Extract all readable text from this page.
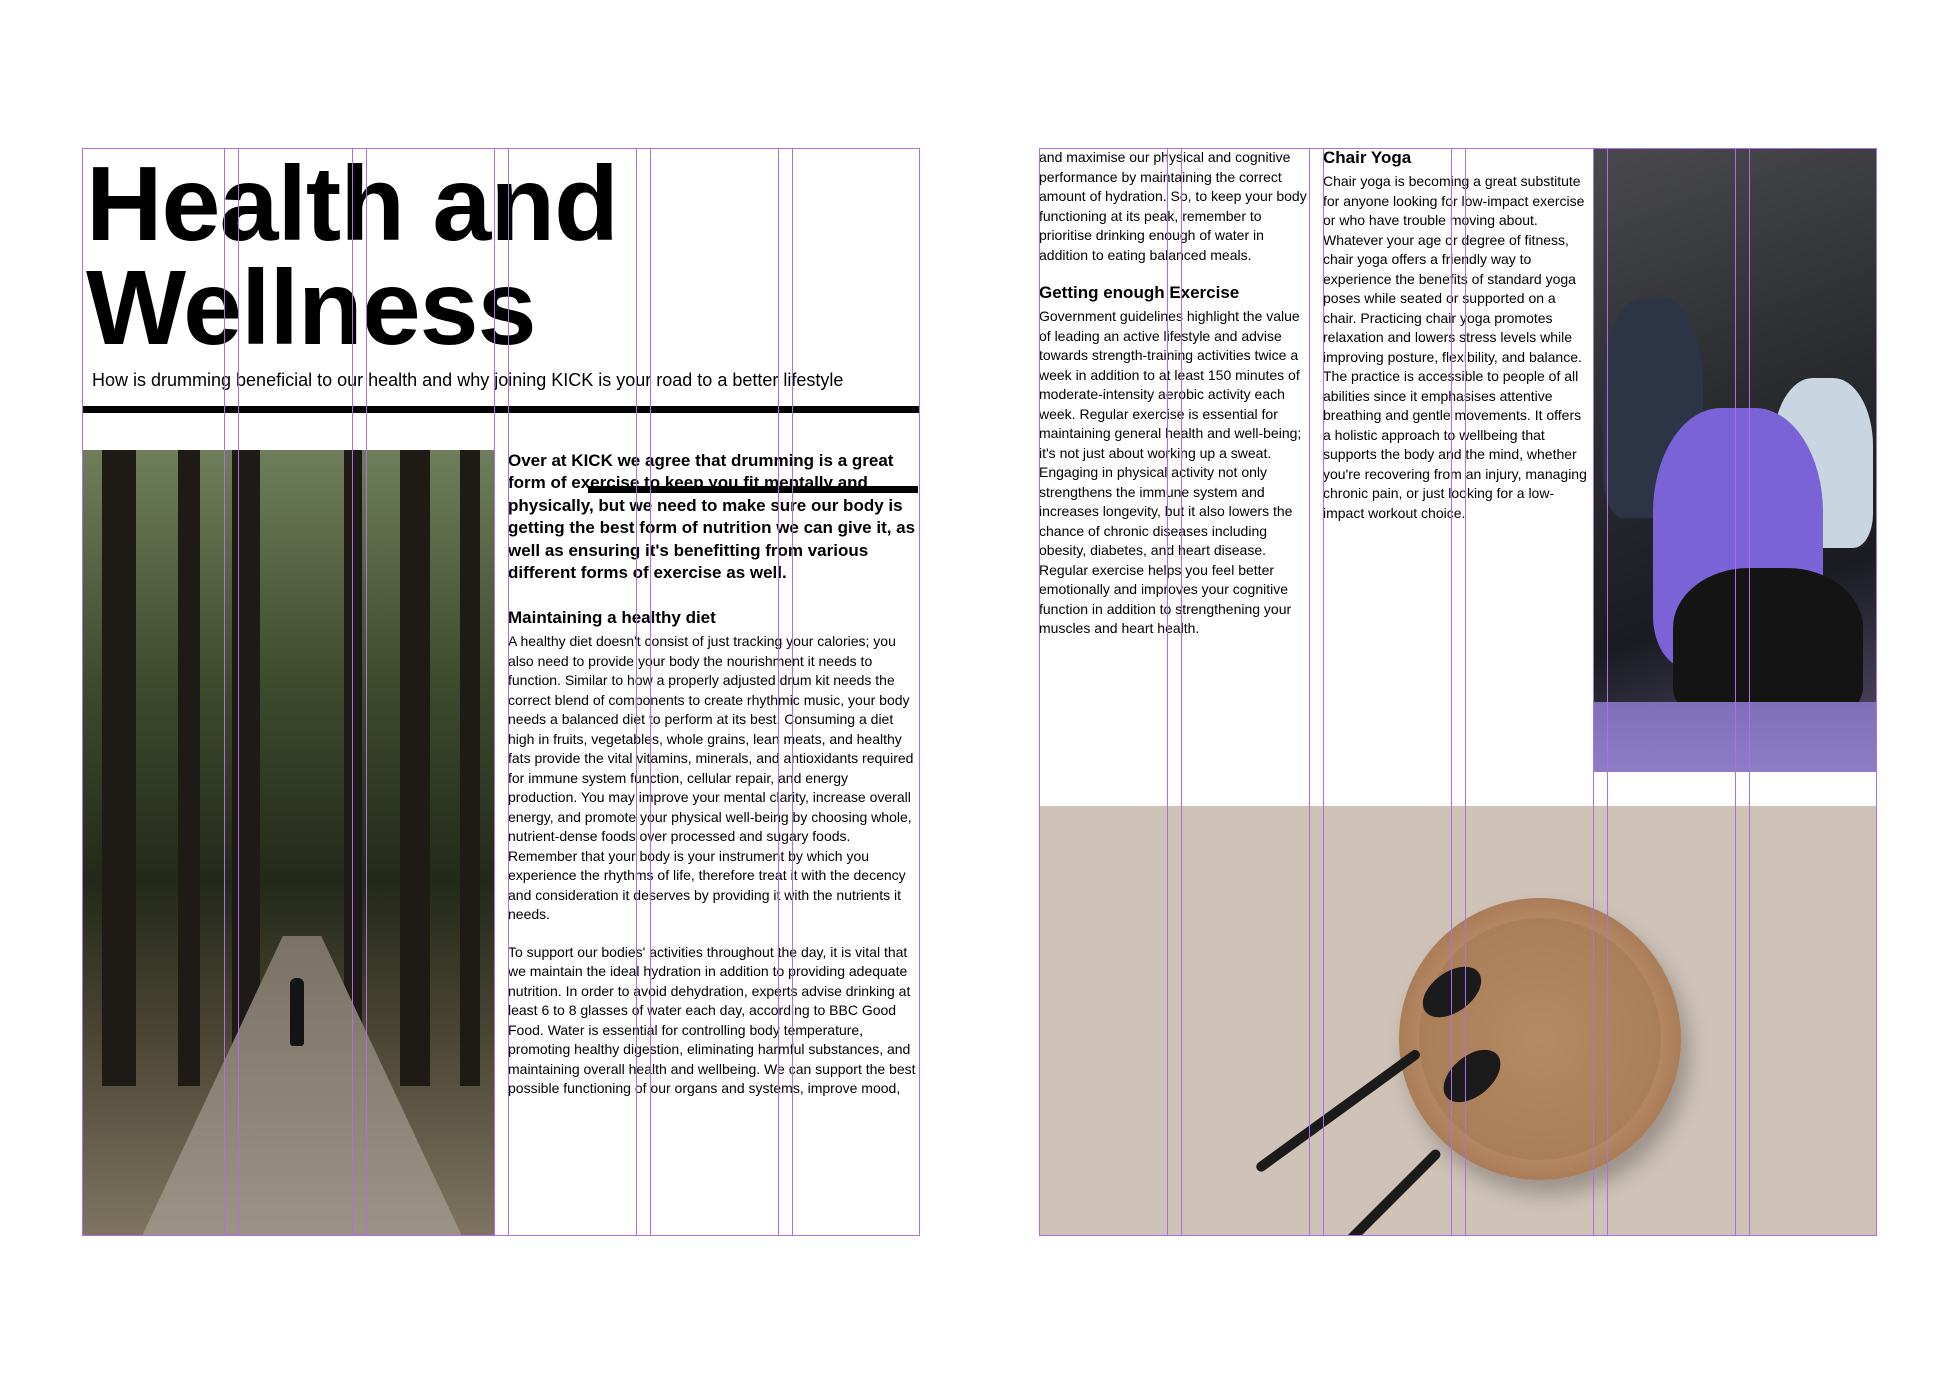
Health and
Wellness
How is drumming beneficial to our health and why joining KICK is your road to a better lifestyle

Over at KICK we agree that drumming is a great form of exercise to keep you fit mentally and physically, but we need to make sure our body is getting the best form of nutrition we can give it, as well as ensuring it's benefitting from various different forms of exercise as well.

Maintaining a healthy diet

A healthy diet doesn't consist of just tracking your calories; you also need to provide your body the nourishment it needs to function. Similar to how a properly adjusted drum kit needs the correct blend of components to create rhythmic music, your body needs a balanced diet to perform at its best. Consuming a diet high in fruits, vegetables, whole grains, lean meats, and healthy fats provide the vital vitamins, minerals, and antioxidants required for immune system function, cellular repair, and energy production. You may improve your mental clarity, increase overall energy, and promote your physical well-being by choosing whole, nutrient-dense foods over processed and sugary foods. Remember that your body is your instrument by which you experience the rhythms of life, therefore treat it with the decency and consideration it deserves by providing it with the nutrients it needs.

To support our bodies' activities throughout the day, it is vital that we maintain the ideal hydration in addition to providing adequate nutrition. In order to avoid dehydration, experts advise drinking at least 6 to 8 glasses of water each day, according to BBC Good Food. Water is essential for controlling body temperature, promoting healthy digestion, eliminating harmful substances, and maintaining overall health and wellbeing. We can support the best possible functioning of our organs and systems, improve mood,

and maximise our physical and cognitive performance by maintaining the correct amount of hydration. So, to keep your body functioning at its peak, remember to prioritise drinking enough of water in addition to eating balanced meals.

Getting enough Exercise

Government guidelines highlight the value of leading an active lifestyle and advise towards strength-training activities twice a week in addition to at least 150 minutes of moderate-intensity aerobic activity each week. Regular exercise is essential for maintaining general health and well-being; it's not just about working up a sweat. Engaging in physical activity not only strengthens the immune system and increases longevity, but it also lowers the chance of chronic diseases including obesity, diabetes, and heart disease. Regular exercise helps you feel better emotionally and improves your cognitive function in addition to strengthening your muscles and heart health.

Chair Yoga

Chair yoga is becoming a great substitute for anyone looking for low-impact exercise or who have trouble moving about. Whatever your age or degree of fitness, chair yoga offers a friendly way to experience the benefits of standard yoga poses while seated or supported on a chair. Practicing chair yoga promotes relaxation and lowers stress levels while improving posture, flexibility, and balance. The practice is accessible to people of all abilities since it emphasises attentive breathing and gentle movements. It offers a holistic approach to wellbeing that supports the body and the mind, whether you're recovering from an injury, managing chronic pain, or just looking for a low-impact workout choice.
